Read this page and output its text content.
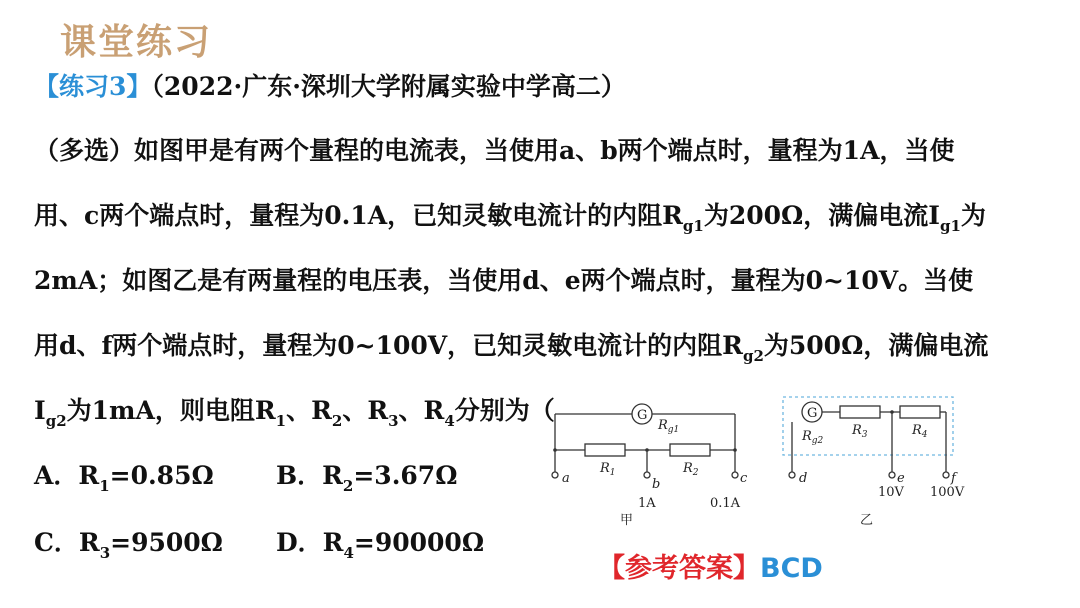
课堂练习
【练习3】（2022·广东·深圳大学附属实验中学高二）
（多选）如图甲是有两个量程的电流表，当使用a、b两个端点时，量程为1A，当使
用、c两个端点时，量程为0.1A，已知灵敏电流计的内阻$R_{g1}$为200Ω，满偏电流$I_{g1}$为
2mA；如图乙是有两量程的电压表，当使用d、e两个端点时，量程为0~10V。当使
用d、f两个端点时，量程为0~100V，已知灵敏电流计的内阻$R_{g2}$为500Ω，满偏电流
$I_{g2}$为1mA，则电阻$R_1$、$R_2$、$R_3$、$R_4$分别为（
A．$R_1=0.85\Omega$ B．$R_2=3.67\Omega$
C．$R_3=9500\Omega$ D．$R_4=90000\Omega$
【参考答案】BCD
G
$R_{g1}$
$R_1$	$R_2$
a	b	c
1A	0.1A
甲
G
$R_{g2}$
$R_3$	$R_4$
d	e	f
10V 100V
乙
